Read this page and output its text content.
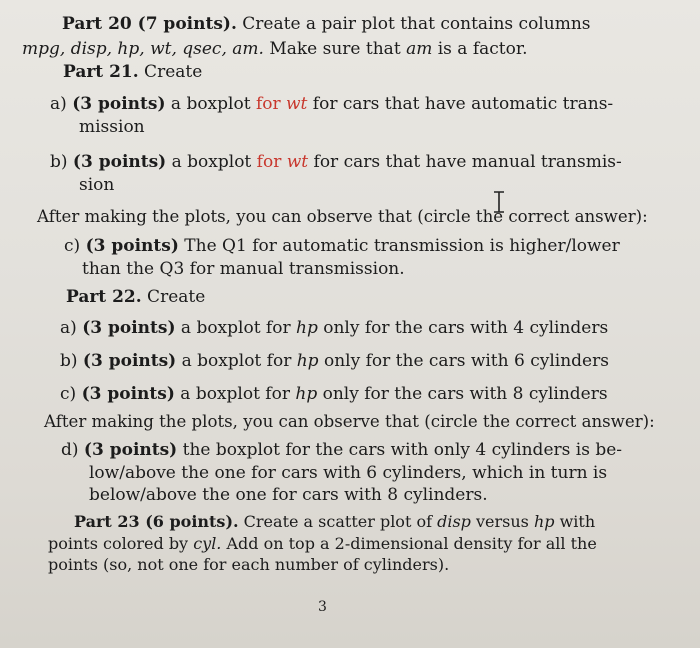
Part 20 (7 points). Create a pair plot that contains columns
mpg, disp, hp, wt, qsec, am. Make sure that am is a factor.
Part 21. Create
a) (3 points) a boxplot for wt for cars that have automatic trans-
mission
b) (3 points) a boxplot for wt for cars that have manual transmis-
sion
After making the plots, you can observe that (circle the correct answer):
c) (3 points) The Q1 for automatic transmission is higher/lower
than the Q3 for manual transmission.
Part 22. Create
a) (3 points) a boxplot for hp only for the cars with 4 cylinders
b) (3 points) a boxplot for hp only for the cars with 6 cylinders
c) (3 points) a boxplot for hp only for the cars with 8 cylinders
After making the plots, you can observe that (circle the correct answer):
d) (3 points) the boxplot for the cars with only 4 cylinders is be-
low/above the one for cars with 6 cylinders, which in turn is
below/above the one for cars with 8 cylinders.
Part 23 (6 points). Create a scatter plot of disp versus hp with
points colored by cyl. Add on top a 2-dimensional density for all the
points (so, not one for each number of cylinders).
3
